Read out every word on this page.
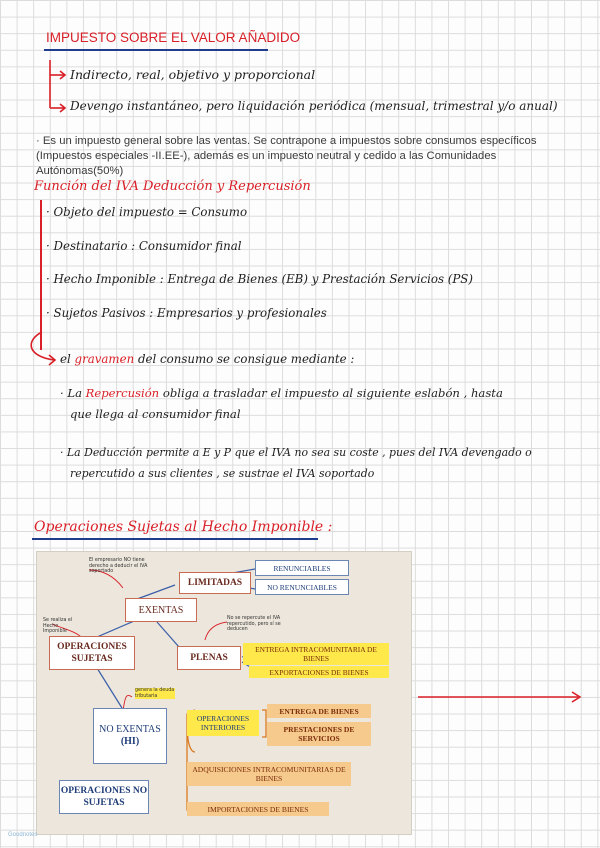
IMPUESTO SOBRE EL VALOR AÑADIDO
Indirecto, real, objetivo y proporcional
Devengo instantáneo, pero liquidación periódica (mensual, trimestral y/o anual)
· Es un impuesto general sobre las ventas. Se contrapone a impuestos sobre consumos específicos (Impuestos especiales -II.EE-), además es un impuesto neutral y cedido a las Comunidades Autónomas(50%)
Función del IVA Deducción y Repercusión
· Objeto del impuesto = Consumo
· Destinatario : Consumidor final
· Hecho Imponible : Entrega de Bienes (EB) y Prestación Servicios (PS)
· Sujetos Pasivos : Empresarios y profesionales
el gravamen del consumo se consigue mediante :
· La Repercusión obliga a trasladar el impuesto al siguiente eslabón , hasta
que llega al consumidor final
· La Deducción permite a E y P que el IVA no sea su coste , pues del IVA devengado o
repercutido a sus clientes , se sustrae el IVA soportado
Operaciones Sujetas al Hecho Imponible :
El empresario NO tiene derecho a deducir el IVA soportado
LIMITADAS
RENUNCIABLES
NO RENUNCIABLES
EXENTAS
Se realiza el Hecho Imponible
OPERACIONES SUJETAS
No se repercute el IVA repercutido, pero sí se deducen
PLENAS
ENTREGA INTRACOMUNITARIA DE BIENES
EXPORTACIONES DE BIENES
genera la deuda tributaria
NO EXENTAS
(HI)
OPERACIONES INTERIORES
ENTREGA DE BIENES
PRESTACIONES DE SERVICIOS
ADQUISICIONES INTRACOMUNITARIAS DE BIENES
IMPORTACIONES DE BIENES
OPERACIONES NO SUJETAS
Goodnotes
